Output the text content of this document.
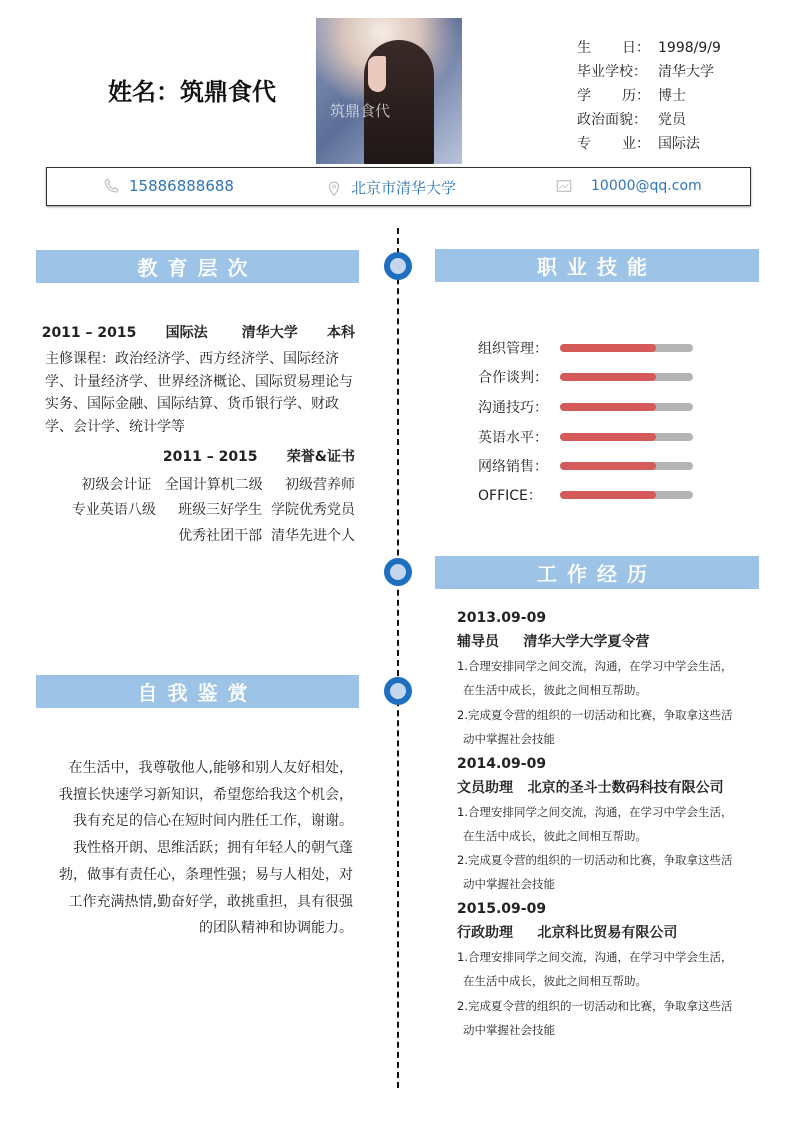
姓名：筑鼎食代
筑鼎食代
生 日： 1998/9/9
毕业学校： 清华大学
学 历： 博士
政治面貌： 党员
专 业： 国际法
15886888688	北京市清华大学	10000@qq.com
教育层次	职业技能
工作经历
自我鉴赏
2011 – 2015      国际法       清华大学      本科
主修课程：政治经济学、西方经济学、国际经济学、计量经济学、世界经济概论、国际贸易理论与实务、国际金融、国际结算、货币银行学、财政学、会计学、统计学等
2011 – 2015      荣誉&证书
初级会计证   全国计算机二级     初级营养师
专业英语八级     班级三好学生  学院优秀党员
优秀社团干部  清华先进个人
在生活中，我尊敬他人,能够和别人友好相处，
我擅长快速学习新知识，希望您给我这个机会，
我有充足的信心在短时间内胜任工作，谢谢。
我性格开朗、思维活跃；拥有年轻人的朝气蓬
勃，做事有责任心，条理性强；易与人相处，对
工作充满热情,勤奋好学，敢挑重担，具有很强
的团队精神和协调能力。
组织管理：
合作谈判：
沟通技巧：
英语水平：
网络销售：
OFFICE：
2013.09-09
辅导员     清华大学大学夏令营
1.合理安排同学之间交流，沟通，在学习中学会生活，
在生活中成长，彼此之间相互帮助。
2.完成夏令营的组织的一切活动和比赛，争取拿这些活
动中掌握社会技能
2014.09-09
文员助理   北京的圣斗士数码科技有限公司
1.合理安排同学之间交流，沟通，在学习中学会生活，
在生活中成长，彼此之间相互帮助。
2.完成夏令营的组织的一切活动和比赛，争取拿这些活
动中掌握社会技能
2015.09-09
行政助理     北京科比贸易有限公司
1.合理安排同学之间交流，沟通，在学习中学会生活，
在生活中成长，彼此之间相互帮助。
2.完成夏令营的组织的一切活动和比赛，争取拿这些活
动中掌握社会技能
